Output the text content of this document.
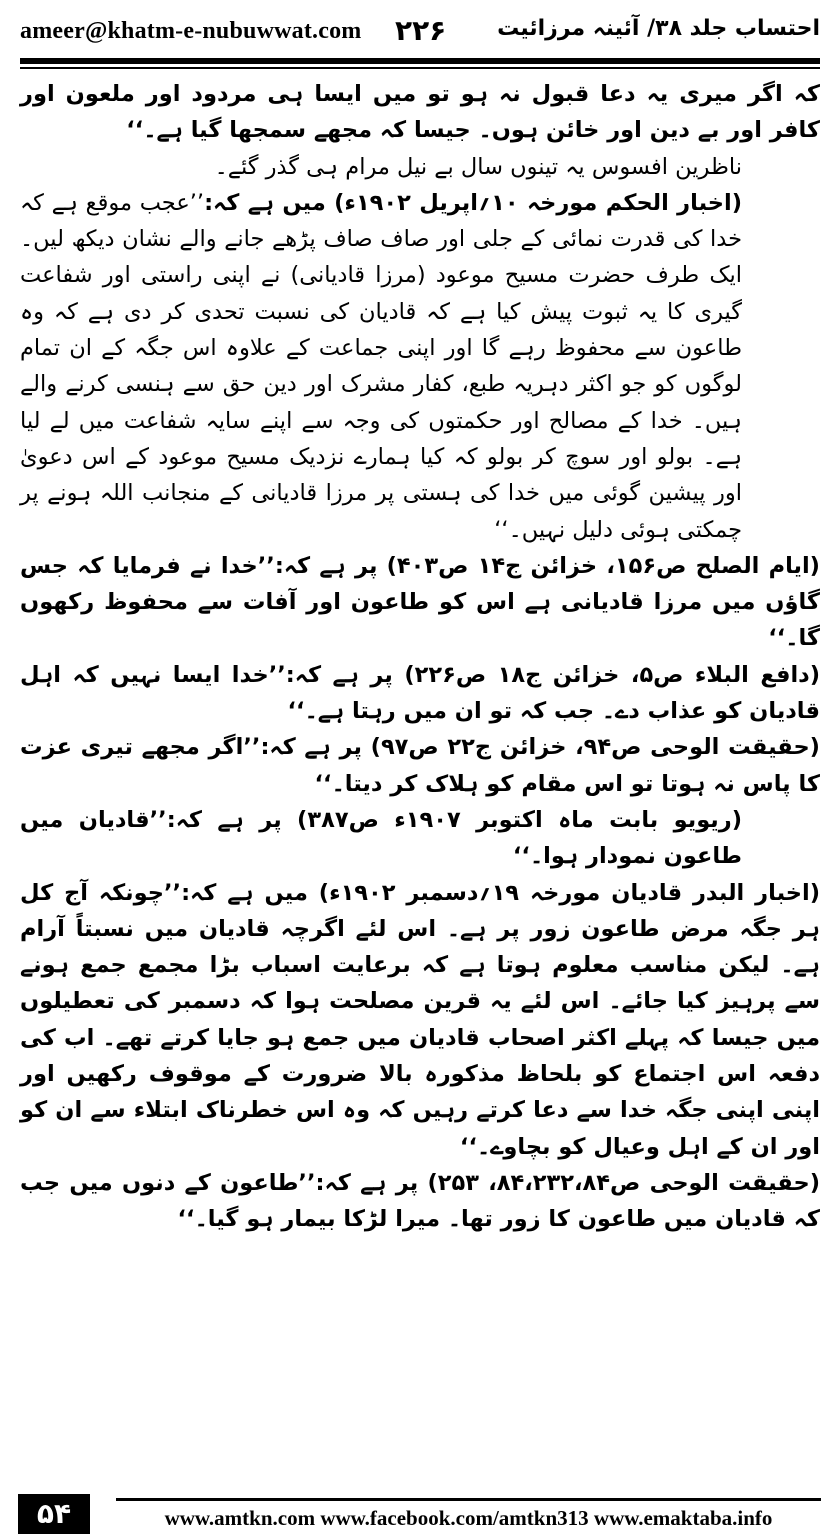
ameer@khatm-e-nubuwwat.com ۲۲۶ احتساب جلد ۳۸/ آئینہ مرزائیت

کہ اگر میری یہ دعا قبول نہ ہو تو میں ایسا ہی مردود اور ملعون اور کافر اور بے دین اور خائن ہوں۔ جیسا کہ مجھے سمجھا گیا ہے۔‘‘

ناظرین افسوس یہ تینوں سال بے نیل مرام ہی گذر گئے۔

(اخبار الحکم مورخہ ۱۰؍اپریل ۱۹۰۲ء) میں ہے کہ:’’عجب موقع ہے کہ خدا کی قدرت نمائی کے جلی اور صاف صاف پڑھے جانے والے نشان دیکھ لیں۔ ایک طرف حضرت مسیح موعود (مرزا قادیانی) نے اپنی راستی اور شفاعت گیری کا یہ ثبوت پیش کیا ہے کہ قادیان کی نسبت تحدی کر دی ہے کہ وہ طاعون سے محفوظ رہے گا اور اپنی جماعت کے علاوہ اس جگہ کے ان تمام لوگوں کو جو اکثر دہریہ طبع، کفار مشرک اور دین حق سے ہنسی کرنے والے ہیں۔ خدا کے مصالح اور حکمتوں کی وجہ سے اپنے سایہ شفاعت میں لے لیا ہے۔ بولو اور سوچ کر بولو کہ کیا ہمارے نزدیک مسیح موعود کے اس دعویٰ اور پیشین گوئی میں خدا کی ہستی پر مرزا قادیانی کے منجانب اللہ ہونے پر چمکتی ہوئی دلیل نہیں۔‘‘

(ایام الصلح ص۱۵۶، خزائن ج۱۴ ص۴۰۳) پر ہے کہ:’’خدا نے فرمایا کہ جس گاؤں میں مرزا قادیانی ہے اس کو طاعون اور آفات سے محفوظ رکھوں گا۔‘‘

(دافع البلاء ص۵، خزائن ج۱۸ ص۲۲۶) پر ہے کہ:’’خدا ایسا نہیں کہ اہل قادیان کو عذاب دے۔ جب کہ تو ان میں رہتا ہے۔‘‘

(حقیقت الوحی ص۹۴، خزائن ج۲۲ ص۹۷) پر ہے کہ:’’اگر مجھے تیری عزت کا پاس نہ ہوتا تو اس مقام کو ہلاک کر دیتا۔‘‘

(ریویو بابت ماہ اکتوبر ۱۹۰۷ء ص۳۸۷) پر ہے کہ:’’قادیان میں طاعون نمودار ہوا۔‘‘

(اخبار البدر قادیان مورخہ ۱۹؍دسمبر ۱۹۰۲ء) میں ہے کہ:’’چونکہ آج کل ہر جگہ مرض طاعون زور پر ہے۔ اس لئے اگرچہ قادیان میں نسبتاً آرام ہے۔ لیکن مناسب معلوم ہوتا ہے کہ برعایت اسباب بڑا مجمع جمع ہونے سے پرہیز کیا جائے۔ اس لئے یہ قرین مصلحت ہوا کہ دسمبر کی تعطیلوں میں جیسا کہ پہلے اکثر اصحاب قادیان میں جمع ہو جایا کرتے تھے۔ اب کی دفعہ اس اجتماع کو بلحاظ مذکورہ بالا ضرورت کے موقوف رکھیں اور اپنی اپنی جگہ خدا سے دعا کرتے رہیں کہ وہ اس خطرناک ابتلاء سے ان کو اور ان کے اہل وعیال کو بچاوے۔‘‘

(حقیقت الوحی ص۸۴،۲۳۲،۸۴، ۲۵۳) پر ہے کہ:’’طاعون کے دنوں میں جب کہ قادیان میں طاعون کا زور تھا۔ میرا لڑکا بیمار ہو گیا۔‘‘

۵۴	www.amtkn.com www.facebook.com/amtkn313 www.emaktaba.info
